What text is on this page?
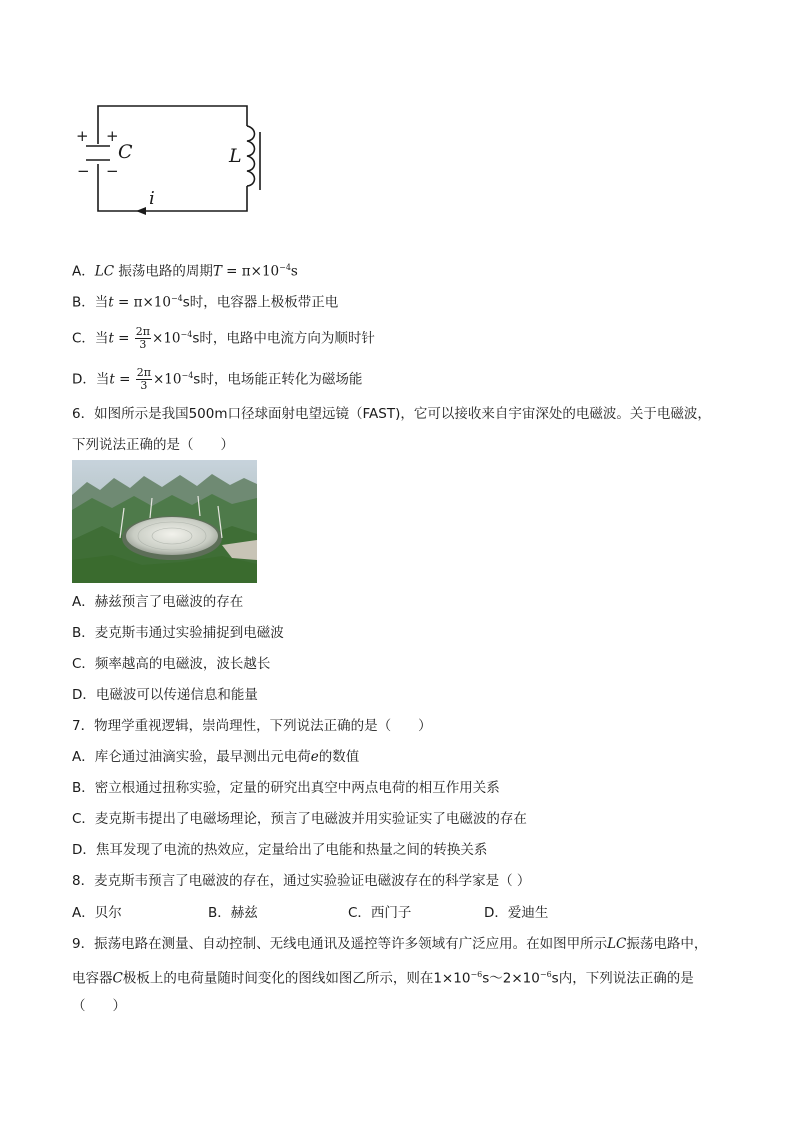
C	L
i
+ +
− −
A．LC 振荡电路的周期$T = \pi\times 10^{-4}s$
B．当$t = \pi\times 10^{-4}s$时，电容器上极板带正电
C．当$t = \frac{2\pi}{3} \times 10^{-4}s$时，电路中电流方向为顺时针
D．当$t = \frac{2\pi}{3} \times 10^{-4}s$时，电场能正转化为磁场能
6．如图所示是我国500m口径球面射电望远镜（FAST)，它可以接收来自宇宙深处的电磁波。关于电磁波，
下列说法正确的是（　　）
A．赫兹预言了电磁波的存在
B．麦克斯韦通过实验捕捉到电磁波
C．频率越高的电磁波，波长越长
D．电磁波可以传递信息和能量
7．物理学重视逻辑，崇尚理性，下列说法正确的是（　　）
A．库仑通过油滴实验，最早测出元电荷e的数值
B．密立根通过扭称实验，定量的研究出真空中两点电荷的相互作用关系
C．麦克斯韦提出了电磁场理论，预言了电磁波并用实验证实了电磁波的存在
D．焦耳发现了电流的热效应，定量给出了电能和热量之间的转换关系
8．麦克斯韦预言了电磁波的存在，通过实验验证电磁波存在的科学家是（ ）
A．贝尔	B．赫兹	C．西门子	D．爱迪生
9．振荡电路在测量、自动控制、无线电通讯及遥控等许多领域有广泛应用。在如图甲所示LC振荡电路中，
电容器C极板上的电荷量随时间变化的图线如图乙所示，则在$1\times 10^{-6}s\sim 2\times 10^{-6}s$内，下列说法正确的是
（　　）
